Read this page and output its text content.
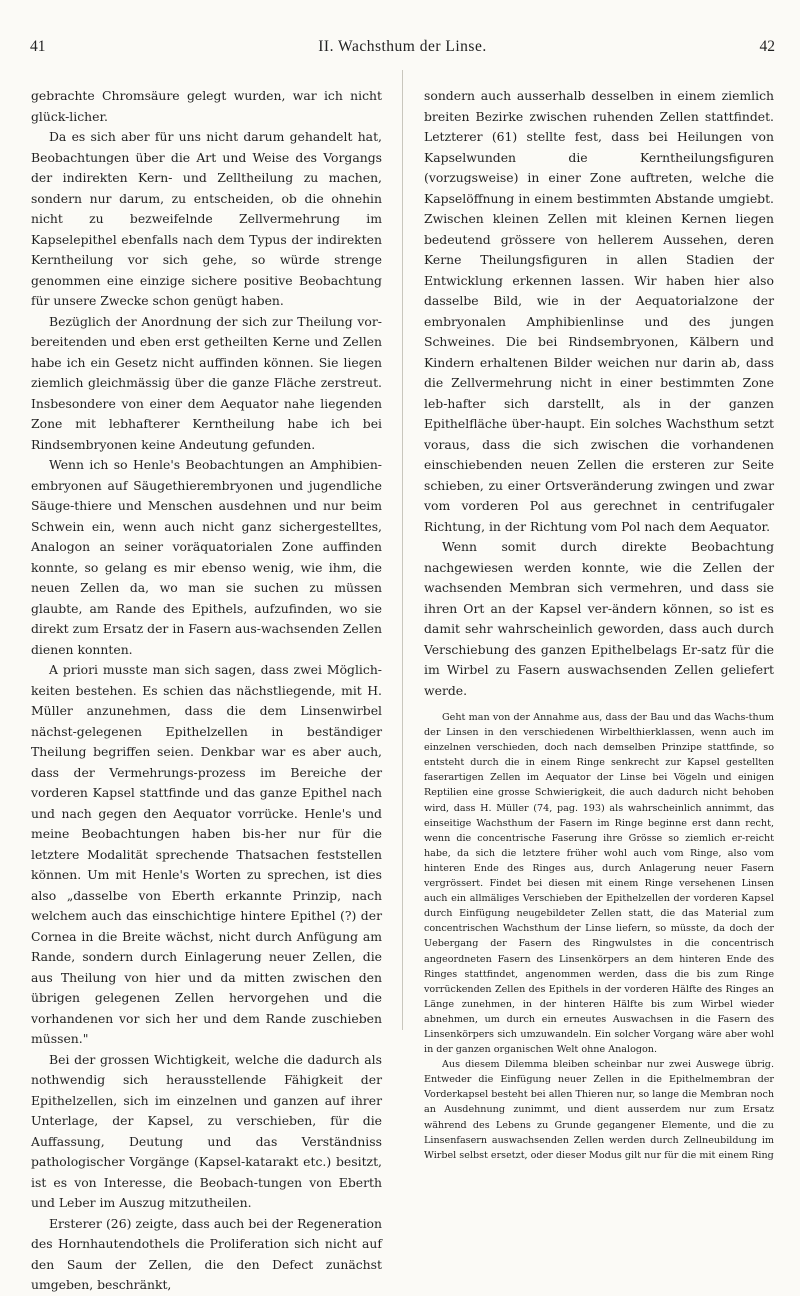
41	II. Wachsthum der Linse.	42

gebrachte Chromsäure gelegt wurden, war ich nicht glück-licher.

Da es sich aber für uns nicht darum gehandelt hat, Beobachtungen über die Art und Weise des Vorgangs der indirekten Kern- und Zelltheilung zu machen, sondern nur darum, zu entscheiden, ob die ohnehin nicht zu bezweifelnde Zellvermehrung im Kapselepithel ebenfalls nach dem Typus der indirekten Kerntheilung vor sich gehe, so würde strenge genommen eine einzige sichere positive Beobachtung für unsere Zwecke schon genügt haben.

Bezüglich der Anordnung der sich zur Theilung vor-bereitenden und eben erst getheilten Kerne und Zellen habe ich ein Gesetz nicht auffinden können. Sie liegen ziemlich gleichmässig über die ganze Fläche zerstreut. Insbesondere von einer dem Aequator nahe liegenden Zone mit lebhafterer Kerntheilung habe ich bei Rindsembryonen keine Andeutung gefunden.

Wenn ich so Henle's Beobachtungen an Amphibien-embryonen auf Säugethierembryonen und jugendliche Säuge-thiere und Menschen ausdehnen und nur beim Schwein ein, wenn auch nicht ganz sichergestelltes, Analogon an seiner voräquatorialen Zone auffinden konnte, so gelang es mir ebenso wenig, wie ihm, die neuen Zellen da, wo man sie suchen zu müssen glaubte, am Rande des Epithels, aufzufinden, wo sie direkt zum Ersatz der in Fasern aus-wachsenden Zellen dienen konnten.

A priori musste man sich sagen, dass zwei Möglich-keiten bestehen. Es schien das nächstliegende, mit H. Müller anzunehmen, dass die dem Linsenwirbel nächst-gelegenen Epithelzellen in beständiger Theilung begriffen seien. Denkbar war es aber auch, dass der Vermehrungs-prozess im Bereiche der vorderen Kapsel stattfinde und das ganze Epithel nach und nach gegen den Aequator vorrücke. Henle's und meine Beobachtungen haben bis-her nur für die letztere Modalität sprechende Thatsachen feststellen können. Um mit Henle's Worten zu sprechen, ist dies also „dasselbe von Eberth erkannte Prinzip, nach welchem auch das einschichtige hintere Epithel (?) der Cornea in die Breite wächst, nicht durch Anfügung am Rande, sondern durch Einlagerung neuer Zellen, die aus Theilung von hier und da mitten zwischen den übrigen gelegenen Zellen hervorgehen und die vorhandenen vor sich her und dem Rande zuschieben müssen."

Bei der grossen Wichtigkeit, welche die dadurch als nothwendig sich herausstellende Fähigkeit der Epithelzellen, sich im einzelnen und ganzen auf ihrer Unterlage, der Kapsel, zu verschieben, für die Auffassung, Deutung und das Verständniss pathologischer Vorgänge (Kapsel-katarakt etc.) besitzt, ist es von Interesse, die Beobach-tungen von Eberth und Leber im Auszug mitzutheilen.

Ersterer (26) zeigte, dass auch bei der Regeneration des Hornhautendothels die Proliferation sich nicht auf den Saum der Zellen, die den Defect zunächst umgeben, beschränkt,

sondern auch ausserhalb desselben in einem ziemlich breiten Bezirke zwischen ruhenden Zellen stattfindet. Letzterer (61) stellte fest, dass bei Heilungen von Kapselwunden die Kerntheilungsfiguren (vorzugsweise) in einer Zone auftreten, welche die Kapselöffnung in einem bestimmten Abstande umgiebt. Zwischen kleinen Zellen mit kleinen Kernen liegen bedeutend grössere von hellerem Aussehen, deren Kerne Theilungsfiguren in allen Stadien der Entwicklung erkennen lassen. Wir haben hier also dasselbe Bild, wie in der Aequatorialzone der embryonalen Amphibienlinse und des jungen Schweines. Die bei Rindsembryonen, Kälbern und Kindern erhaltenen Bilder weichen nur darin ab, dass die Zellvermehrung nicht in einer bestimmten Zone leb-hafter sich darstellt, als in der ganzen Epithelfläche über-haupt. Ein solches Wachsthum setzt voraus, dass die sich zwischen die vorhandenen einschiebenden neuen Zellen die ersteren zur Seite schieben, zu einer Ortsveränderung zwingen und zwar vom vorderen Pol aus gerechnet in centrifugaler Richtung, in der Richtung vom Pol nach dem Aequator.

Wenn somit durch direkte Beobachtung nachgewiesen werden konnte, wie die Zellen der wachsenden Membran sich vermehren, und dass sie ihren Ort an der Kapsel ver-ändern können, so ist es damit sehr wahrscheinlich geworden, dass auch durch Verschiebung des ganzen Epithelbelags Er-satz für die im Wirbel zu Fasern auswachsenden Zellen geliefert werde.

Geht man von der Annahme aus, dass der Bau und das Wachs-thum der Linsen in den verschiedenen Wirbelthierklassen, wenn auch im einzelnen verschieden, doch nach demselben Prinzipe stattfinde, so entsteht durch die in einem Ringe senkrecht zur Kapsel gestellten faserartigen Zellen im Aequator der Linse bei Vögeln und einigen Reptilien eine grosse Schwierigkeit, die auch dadurch nicht behoben wird, dass H. Müller (74, pag. 193) als wahrscheinlich annimmt, das einseitige Wachsthum der Fasern im Ringe beginne erst dann recht, wenn die concentrische Faserung ihre Grösse so ziemlich er-reicht habe, da sich die letztere früher wohl auch vom Ringe, also vom hinteren Ende des Ringes aus, durch Anlagerung neuer Fasern vergrössert. Findet bei diesen mit einem Ringe versehenen Linsen auch ein allmäliges Verschieben der Epithelzellen der vorderen Kapsel durch Einfügung neugebildeter Zellen statt, die das Material zum concentrischen Wachsthum der Linse liefern, so müsste, da doch der Uebergang der Fasern des Ringwulstes in die concentrisch angeordneten Fasern des Linsenkörpers an dem hinteren Ende des Ringes stattfindet, angenommen werden, dass die bis zum Ringe vorrückenden Zellen des Epithels in der vorderen Hälfte des Ringes an Länge zunehmen, in der hinteren Hälfte bis zum Wirbel wieder abnehmen, um durch ein erneutes Auswachsen in die Fasern des Linsenkörpers sich umzuwandeln. Ein solcher Vorgang wäre aber wohl in der ganzen organischen Welt ohne Analogon.

Aus diesem Dilemma bleiben scheinbar nur zwei Auswege übrig. Entweder die Einfügung neuer Zellen in die Epithelmembran der Vorderkapsel besteht bei allen Thieren nur, so lange die Membran noch an Ausdehnung zunimmt, und dient ausserdem nur zum Ersatz während des Lebens zu Grunde gegangener Elemente, und die zu Linsenfasern auswachsenden Zellen werden durch Zellneubildung im Wirbel selbst ersetzt, oder dieser Modus gilt nur für die mit einem Ring
